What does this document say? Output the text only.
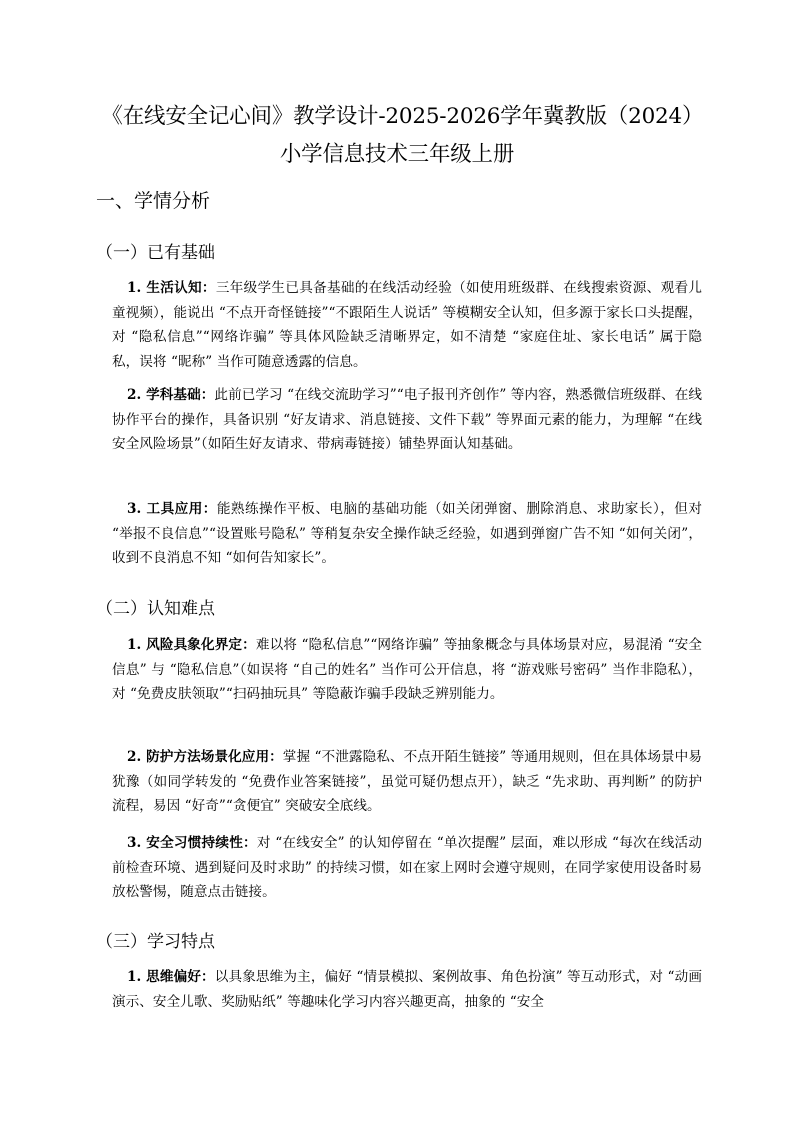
《在线安全记心间》教学设计-2025-2026学年冀教版（2024）小学信息技术三年级上册
一、学情分析
（一）已有基础
1. 生活认知：三年级学生已具备基础的在线活动经验（如使用班级群、在线搜索资源、观看儿童视频），能说出 “不点开奇怪链接”“不跟陌生人说话” 等模糊安全认知，但多源于家长口头提醒，对 “隐私信息”“网络诈骗” 等具体风险缺乏清晰界定，如不清楚 “家庭住址、家长电话” 属于隐私，误将 “昵称” 当作可随意透露的信息。
2. 学科基础：此前已学习 “在线交流助学习”“电子报刊齐创作” 等内容，熟悉微信班级群、在线协作平台的操作，具备识别 “好友请求、消息链接、文件下载” 等界面元素的能力，为理解 “在线安全风险场景”（如陌生好友请求、带病毒链接）铺垫界面认知基础。
3. 工具应用：能熟练操作平板、电脑的基础功能（如关闭弹窗、删除消息、求助家长），但对 “举报不良信息”“设置账号隐私” 等稍复杂安全操作缺乏经验，如遇到弹窗广告不知 “如何关闭”，收到不良消息不知 “如何告知家长”。
（二）认知难点
1. 风险具象化界定：难以将 “隐私信息”“网络诈骗” 等抽象概念与具体场景对应，易混淆 “安全信息” 与 “隐私信息”（如误将 “自己的姓名” 当作可公开信息，将 “游戏账号密码” 当作非隐私），对 “免费皮肤领取”“扫码抽玩具” 等隐蔽诈骗手段缺乏辨别能力。
2. 防护方法场景化应用：掌握 “不泄露隐私、不点开陌生链接” 等通用规则，但在具体场景中易犹豫（如同学转发的 “免费作业答案链接”，虽觉可疑仍想点开），缺乏 “先求助、再判断” 的防护流程，易因 “好奇”“贪便宜” 突破安全底线。
3. 安全习惯持续性：对 “在线安全” 的认知停留在 “单次提醒” 层面，难以形成 “每次在线活动前检查环境、遇到疑问及时求助” 的持续习惯，如在家上网时会遵守规则，在同学家使用设备时易放松警惕，随意点击链接。
（三）学习特点
1. 思维偏好：以具象思维为主，偏好 “情景模拟、案例故事、角色扮演” 等互动形式，对 “动画演示、安全儿歌、奖励贴纸” 等趣味化学习内容兴趣更高，抽象的 “安全
